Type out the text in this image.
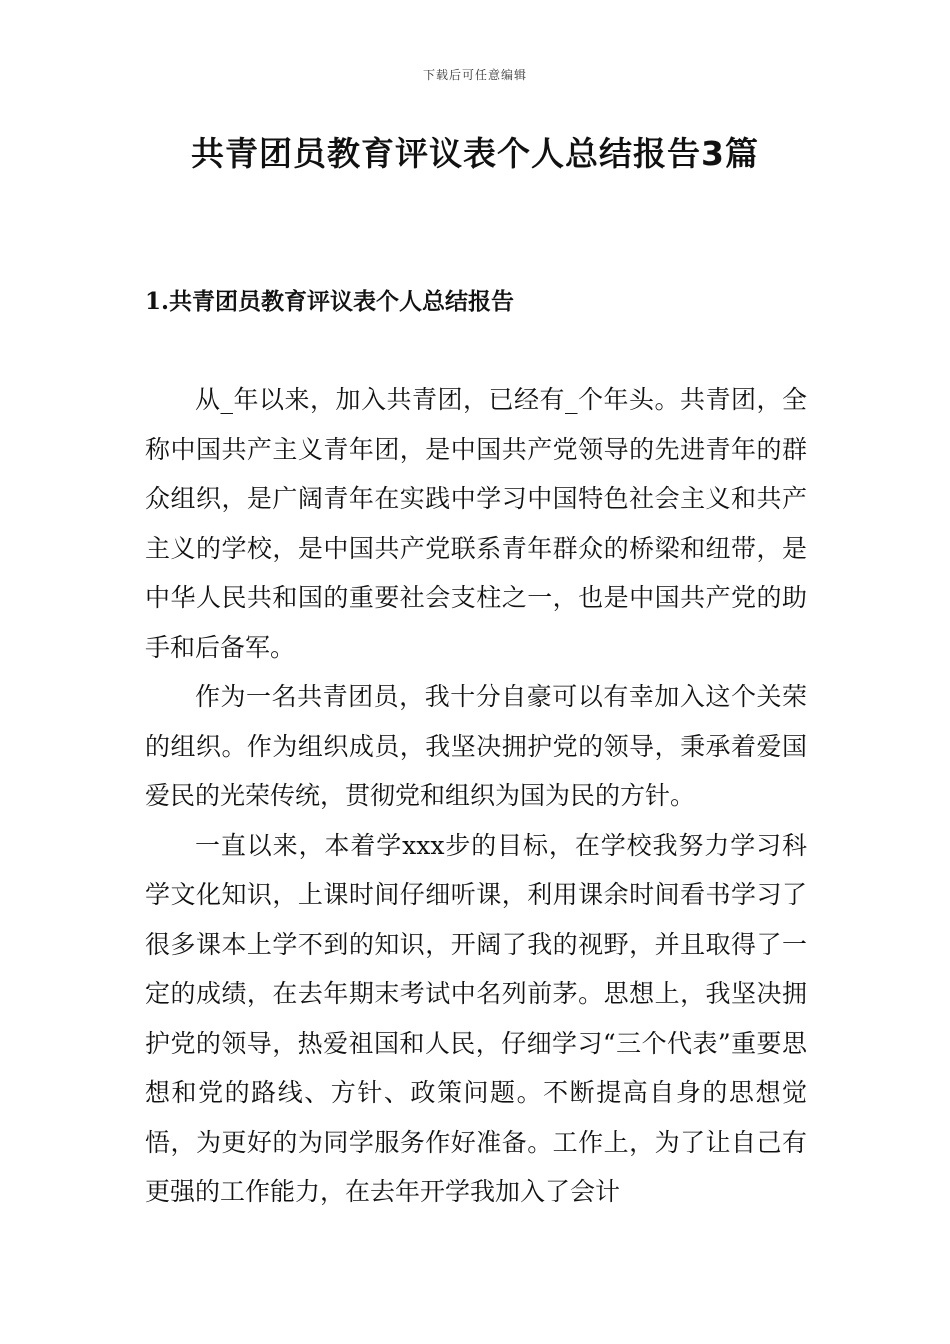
下载后可任意编辑
共青团员教育评议表个人总结报告3篇
1.共青团员教育评议表个人总结报告

从_年以来，加入共青团，已经有_个年头。共青团，全称中国共产主义青年团，是中国共产党领导的先进青年的群众组织，是广阔青年在实践中学习中国特色社会主义和共产主义的学校，是中国共产党联系青年群众的桥梁和纽带，是中华人民共和国的重要社会支柱之一，也是中国共产党的助手和后备军。

作为一名共青团员，我十分自豪可以有幸加入这个关荣的组织。作为组织成员，我坚决拥护党的领导，秉承着爱国爱民的光荣传统，贯彻党和组织为国为民的方针。

一直以来，本着学xxx步的目标，在学校我努力学习科学文化知识，上课时间仔细听课，利用课余时间看书学习了很多课本上学不到的知识，开阔了我的视野，并且取得了一定的成绩，在去年期末考试中名列前茅。思想上，我坚决拥护党的领导，热爱祖国和人民，仔细学习“三个代表”重要思想和党的路线、方针、政策问题。不断提高自身的思想觉悟，为更好的为同学服务作好准备。工作上，为了让自己有更强的工作能力，在去年开学我加入了会计
